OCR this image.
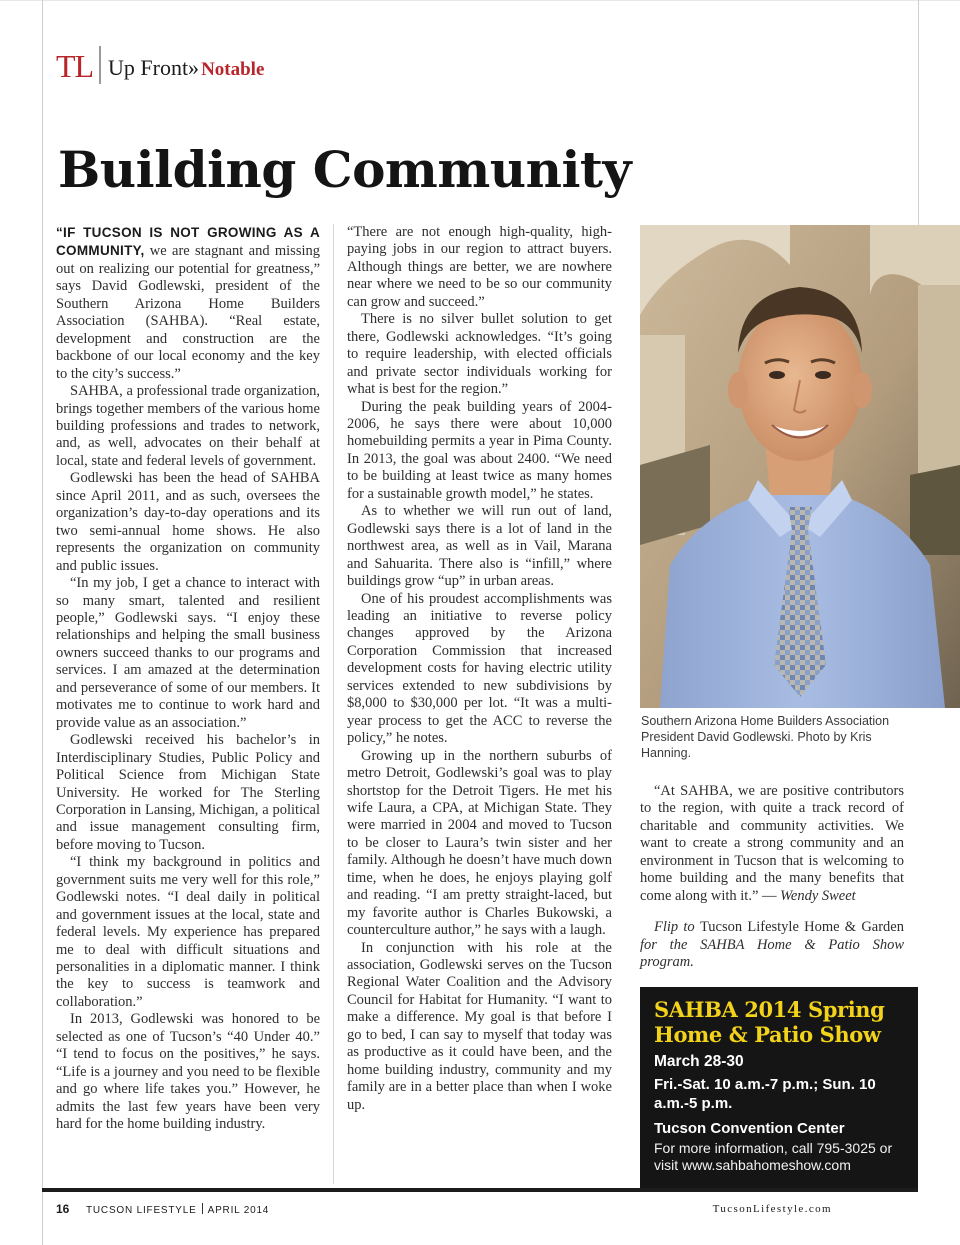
TL Up Front» Notable
Building Community

“IF TUCSON IS NOT GROWING AS A COMMUNITY, we are stagnant and missing out on realizing our potential for greatness,” says David Godlewski, president of the Southern Arizona Home Builders Association (SAHBA). “Real estate, development and construction are the backbone of our local economy and the key to the city’s success.”

SAHBA, a professional trade organization, brings together members of the various home building professions and trades to network, and, as well, advocates on their behalf at local, state and federal levels of government.

Godlewski has been the head of SAHBA since April 2011, and as such, oversees the organization’s day-to-day operations and its two semi-annual home shows. He also represents the organization on community and public issues.

“In my job, I get a chance to interact with so many smart, talented and resilient people,” Godlewski says. “I enjoy these relationships and helping the small business owners succeed thanks to our programs and services. I am amazed at the determination and perseverance of some of our members. It motivates me to continue to work hard and provide value as an association.”

Godlewski received his bachelor’s in Interdisciplinary Studies, Public Policy and Political Science from Michigan State University. He worked for The Sterling Corporation in Lansing, Michigan, a political and issue management consulting firm, before moving to Tucson.

“I think my background in politics and government suits me very well for this role,” Godlewski notes. “I deal daily in political and government issues at the local, state and federal levels. My experience has prepared me to deal with difficult situations and personalities in a diplomatic manner. I think the key to success is teamwork and collaboration.”

In 2013, Godlewski was honored to be selected as one of Tucson’s “40 Under 40.” “I tend to focus on the positives,” he says. “Life is a journey and you need to be flexible and go where life takes you.” However, he admits the last few years have been very hard for the home building industry.

“There are not enough high-quality, high-paying jobs in our region to attract buyers. Although things are better, we are nowhere near where we need to be so our community can grow and succeed.”

There is no silver bullet solution to get there, Godlewski acknowledges. “It’s going to require leadership, with elected officials and private sector individuals working for what is best for the region.”

During the peak building years of 2004-2006, he says there were about 10,000 homebuilding permits a year in Pima County. In 2013, the goal was about 2400. “We need to be building at least twice as many homes for a sustainable growth model,” he states.

As to whether we will run out of land, Godlewski says there is a lot of land in the northwest area, as well as in Vail, Marana and Sahuarita. There also is “infill,” where buildings grow “up” in urban areas.

One of his proudest accomplishments was leading an initiative to reverse policy changes approved by the Arizona Corporation Commission that increased development costs for having electric utility services extended to new subdivisions by $8,000 to $30,000 per lot. “It was a multi-year process to get the ACC to reverse the policy,” he notes.

Growing up in the northern suburbs of metro Detroit, Godlewski’s goal was to play shortstop for the Detroit Tigers. He met his wife Laura, a CPA, at Michigan State. They were married in 2004 and moved to Tucson to be closer to Laura’s twin sister and her family. Although he doesn’t have much down time, when he does, he enjoys playing golf and reading. “I am pretty straight-laced, but my favorite author is Charles Bukowski, a counterculture author,” he says with a laugh.

In conjunction with his role at the association, Godlewski serves on the Tucson Regional Water Coalition and the Advisory Council for Habitat for Humanity. “I want to make a difference. My goal is that before I go to bed, I can say to myself that today was as productive as it could have been, and the home building industry, community and my family are in a better place than when I woke up.

Southern Arizona Home Builders Association President David Godlewski. Photo by Kris Hanning.

“At SAHBA, we are positive contributors to the region, with quite a track record of charitable and community activities. We want to create a strong community and an environment in Tucson that is welcoming to home building and the many benefits that come along with it.” — Wendy Sweet

Flip to Tucson Lifestyle Home & Garden for the SAHBA Home & Patio Show program.

SAHBA 2014 Spring Home & Patio Show
March 28-30
Fri.-Sat. 10 a.m.-7 p.m.; Sun. 10 a.m.-5 p.m.
Tucson Convention Center
For more information, call 795-3025 or visit www.sahbahomeshow.com
16 TUCSON LIFESTYLE APRIL 2014	TucsonLifestyle.com
